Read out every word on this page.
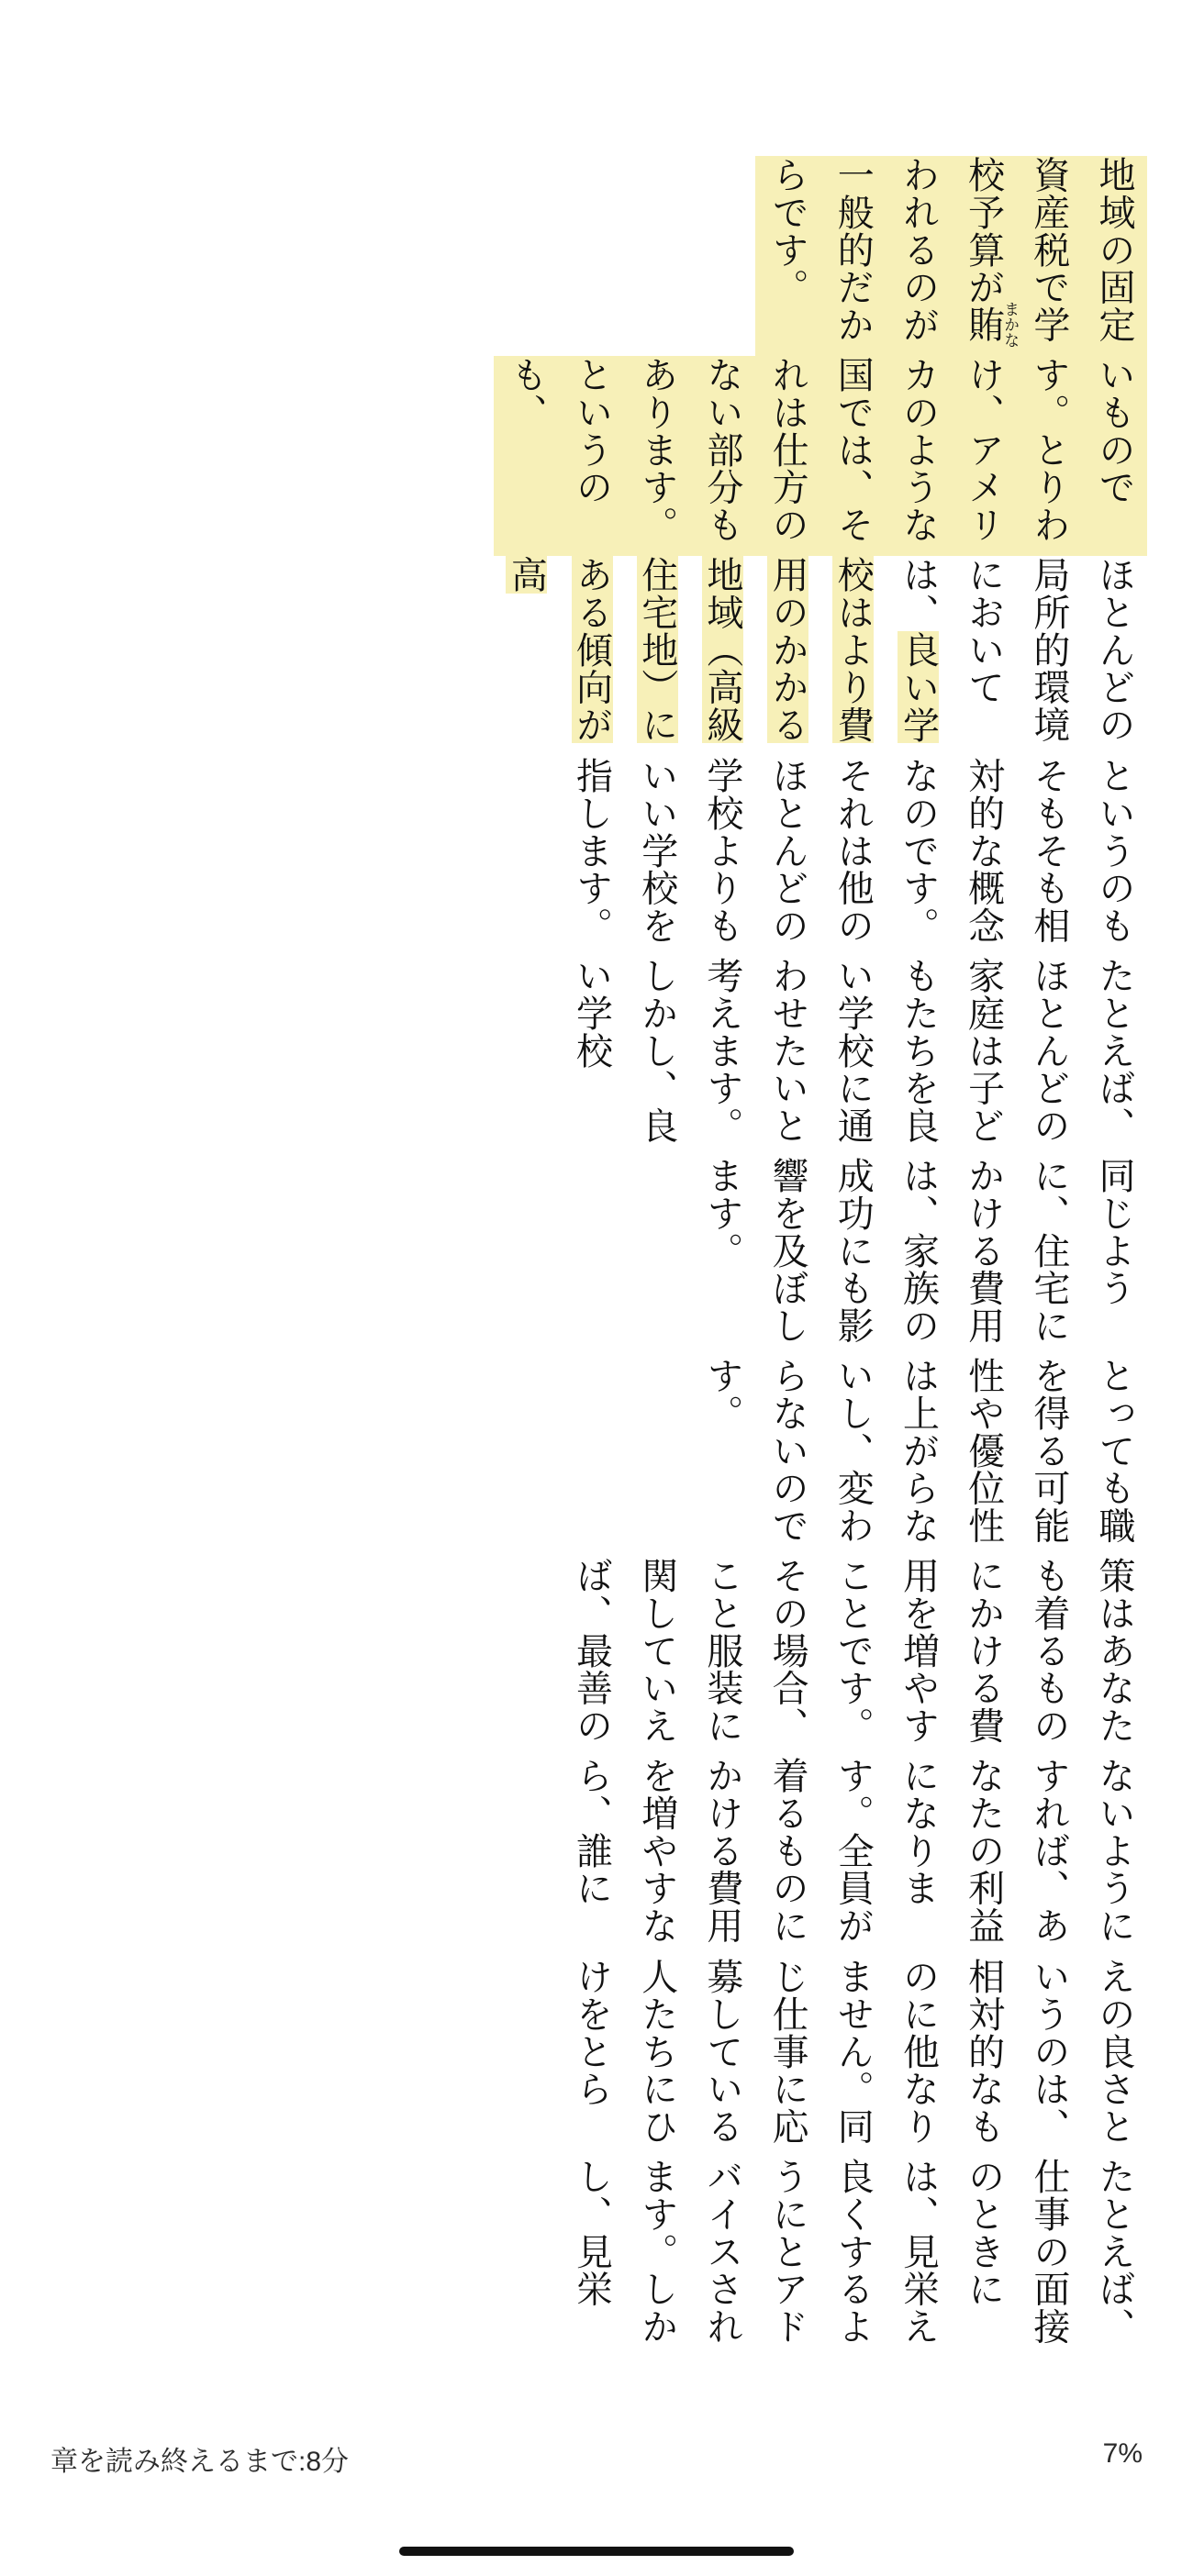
たとえば、仕事の面接のときには、見栄え良くするようにとアドバイスされます。しかし、見栄

えの良さというのは、相対的なものに他なりません。同じ仕事に応募している人たちにひけをとら

ないようにすれば、あなたの利益になります。全員が着るものにかける費用を増やすなら、誰に

策はあなたも着るものにかける費用を増やすことです。その場合、こと服装に関していえば、最善の

とっても職を得る可能性や優位性は上がらないし、変わらないのです。

同じように、住宅にかける費用は、家族の成功にも影響を及ぼします。

たとえば、ほとんどの家庭は子どもたちを良い学校に通わせたいと考えます。しかし、良い学校

というのもそもそも相対的な概念なのです。それは他のほとんどの学校よりもいい学校を指します。

ほとんどの局所的環境においては、良い学校はより費用のかかる地域（高級住宅地）にある傾向が高

いものです。とりわけ、アメリカのような国では、それは仕方のない部分もあります。というのも、

地域の固定資産税で学校予算が賄まかなわれるのが一般的だからです。

章を読み終えるまで:8分	7%
